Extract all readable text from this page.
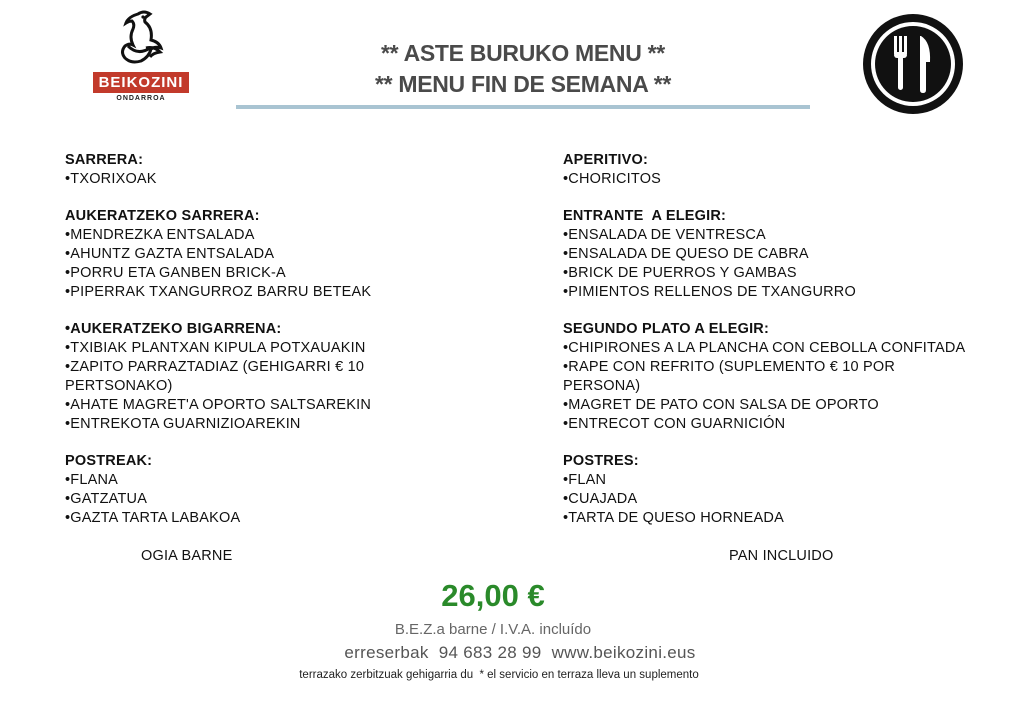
BEIKOZINI
ONDARROA
** ASTE BURUKO MENU **
** MENU FIN DE SEMANA **
SARRERA:
•TXORIXOAK
AUKERATZEKO SARRERA:
•MENDREZKA ENTSALADA
•AHUNTZ GAZTA ENTSALADA
•PORRU ETA GANBEN BRICK-A
•PIPERRAK TXANGURROZ BARRU BETEAK
•AUKERATZEKO BIGARRENA:
•TXIBIAK PLANTXAN KIPULA POTXAUAKIN
•ZAPITO PARRAZTADIAZ (GEHIGARRI € 10 PERTSONAKO)
•AHATE MAGRET'A OPORTO SALTSAREKIN
•ENTREKOTA GUARNIZIOAREKIN
POSTREAK:
•FLANA
•GATZATUA
•GAZTA TARTA LABAKOA
APERITIVO:
•CHORICITOS
ENTRANTE  A ELEGIR:
•ENSALADA DE VENTRESCA
•ENSALADA DE QUESO DE CABRA
•BRICK DE PUERROS Y GAMBAS
•PIMIENTOS RELLENOS DE TXANGURRO
SEGUNDO PLATO A ELEGIR:
•CHIPIRONES A LA PLANCHA CON CEBOLLA CONFITADA
•RAPE CON REFRITO (SUPLEMENTO € 10 POR PERSONA)
•MAGRET DE PATO CON SALSA DE OPORTO
•ENTRECOT CON GUARNICIÓN
POSTRES:
•FLAN
•CUAJADA
•TARTA DE QUESO HORNEADA
OGIA BARNE	PAN INCLUIDO
26,00 €
B.E.Z.a barne / I.V.A. incluído
erreserbak  94 683 28 99  www.beikozini.eus
terrazako zerbitzuak gehigarria du  * el servicio en terraza lleva un suplemento
